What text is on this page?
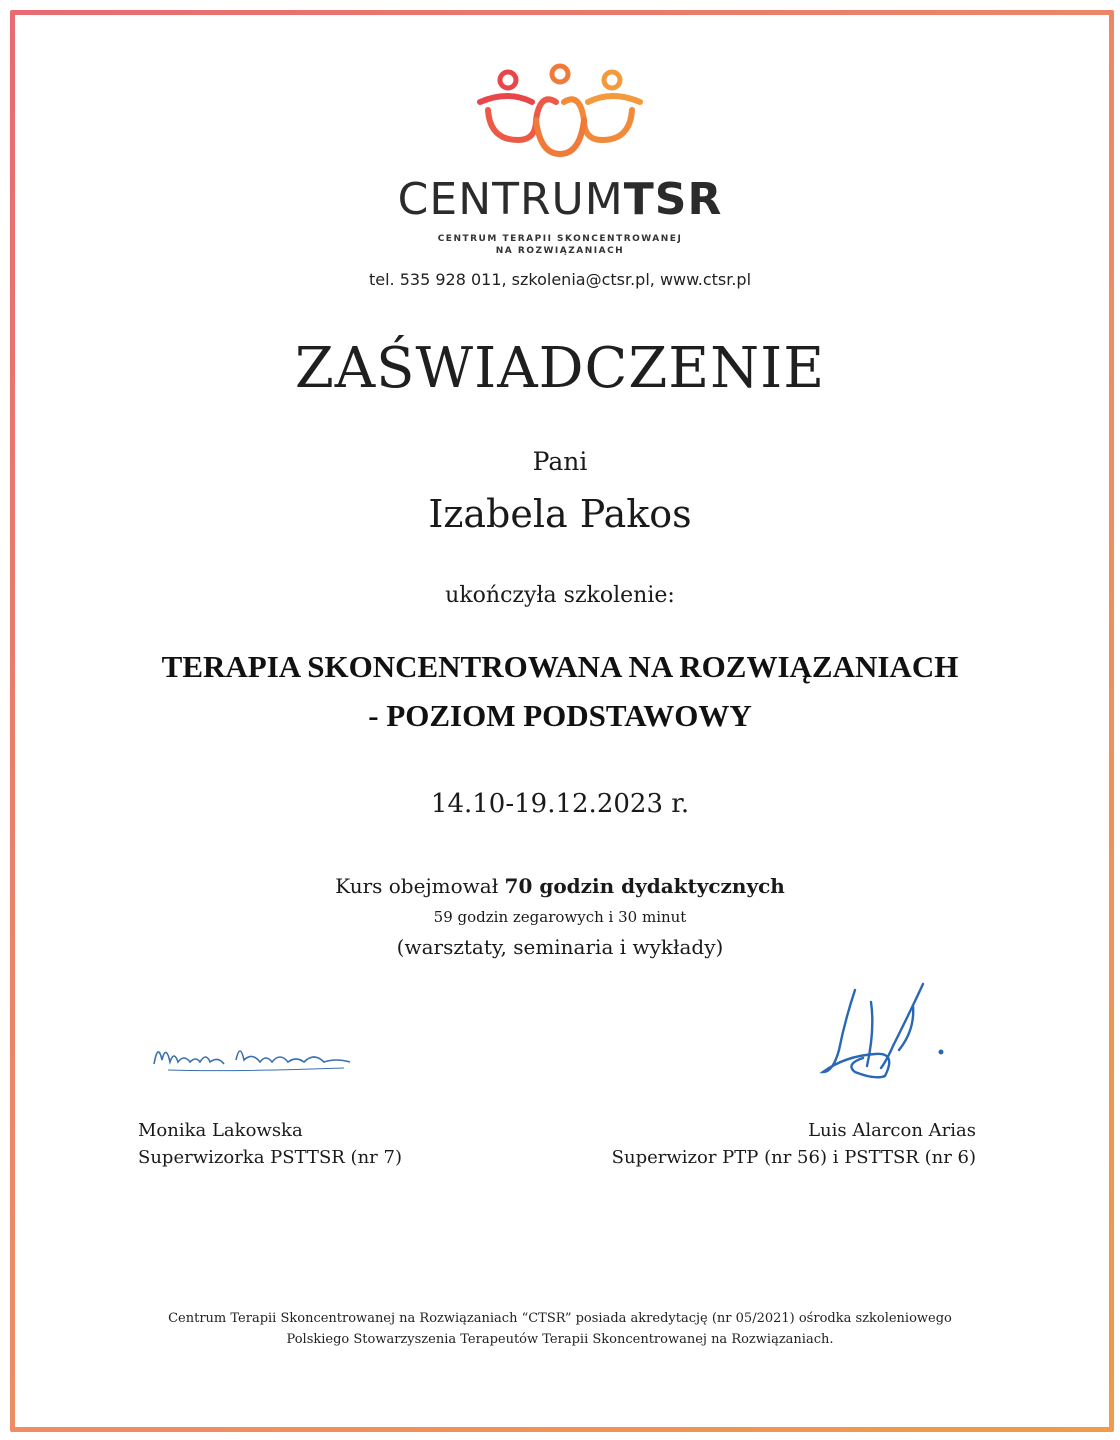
CENTRUMTSR
CENTRUM TERAPII SKONCENTROWANEJ
NA ROZWIĄZANIACH
tel. 535 928 011, szkolenia@ctsr.pl, www.ctsr.pl
ZAŚWIADCZENIE
Pani
Izabela Pakos
ukończyła szkolenie:
TERAPIA SKONCENTROWANA NA ROZWIĄZANIACH
- POZIOM PODSTAWOWY
14.10-19.12.2023 r.
Kurs obejmował 70 godzin dydaktycznych
59 godzin zegarowych i 30 minut
(warsztaty, seminaria i wykłady)
Monika Lakowska
Superwizorka PSTTSR (nr 7)
Luis Alarcon Arias
Superwizor PTP (nr 56) i PSTTSR (nr 6)
Centrum Terapii Skoncentrowanej na Rozwiązaniach “CTSR” posiada akredytację (nr 05/2021) ośrodka szkoleniowego
Polskiego Stowarzyszenia Terapeutów Terapii Skoncentrowanej na Rozwiązaniach.
